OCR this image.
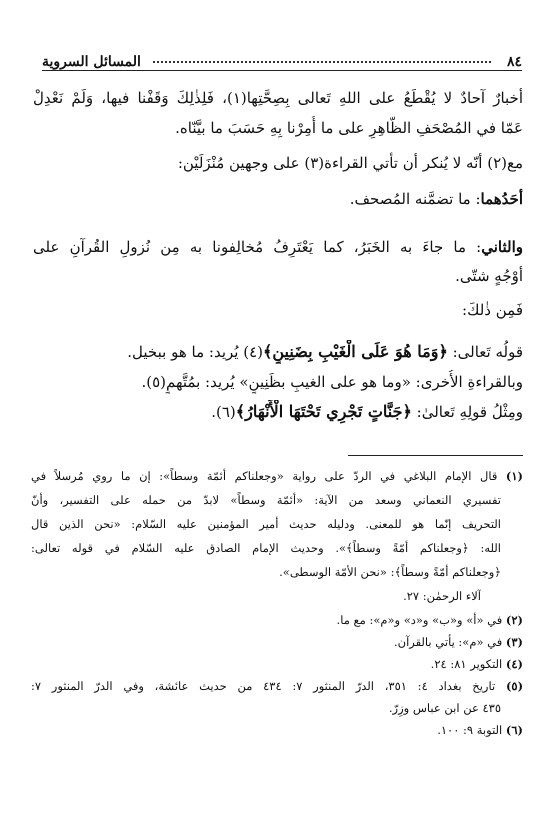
٨٤
المسائل السروية
أخبارٌ آحادٌ لا يُقْطَعُ على اللهِ تَعالى بِصِحَّتِها(١)، فَلِذٰلِكَ وَقَفْنا فيها، وَلَمْ نَعْدِلْ
عَمّا في المُصْحَفِ الظّاهِرِ على ما أُمِرْنا بِهِ حَسَبَ ما بيَّنّاه.
مع(٢) أنّه لا يُنكر أن تأتي القراءة(٣) على وجهين مُنْزَلَيْن:
أحَدُهما: ما تضمَّنه المُصحف.
والثاني: ما جاءَ به الخَبَرُ، كما يَعْتَرِفُ مُخالِفونا به مِن نُزولِ القُرآنِ على
أوْجُهٍ شتّى.
فَمِن ذٰلكَ:
قولُه تَعالى: ﴿وَمَا هُوَ عَلَى الْغَيْبِ بِضَنِينٍ﴾(٤) يُريد: ما هو ببخيل.
وبالقراءةِ الأُخرى: «وما هو على الغيبِ بظَنِينٍ» يُريد: بمُتَّهمٍ(٥).
ومِثْلُ قولِهِ تَعالىٰ: ﴿جَنَّاتٍ تَجْرِي تَحْتَهَا الْأَنْهَارُ﴾(٦).
(١) قال الإمام البلاغي في الردّ على رواية «وجعلناكم أئمّة وسطاً»: إن ما روي مُرسلاً في
تفسيري النعماني وسعد من الآية: «أئمّة وسطاً» لابدّ من حمله على التفسير، وأنّ
التحريف إنّما هو للمعنى. ودليله حديث أمير المؤمنين عليه السّلام: «نحن الذين قال
الله: ﴿وجعلناكم أمّةً وسطاً﴾». وحديث الإمام الصادق عليه السّلام في قوله تعالى:
﴿وجعلناكم أمّةً وسطاً﴾: «نحن الأمّة الوسطى».
آلاء الرحمٰن: ٢٧.
(٢) في «أ» و«ب» و«د» و«م»: مع ما.
(٣) في «م»: يأتي بالقرآن.
(٤) التكوير ٨١: ٢٤.
(٥) تاريخ بغداد ٤: ٣٥١، الدرّ المنثور ٧: ٤٣٤ من حديث عائشة، وفي الدرّ المنثور ٧:
٤٣٥ عن ابن عباس وزِرّ.
(٦) التوبة ٩: ١٠٠.
